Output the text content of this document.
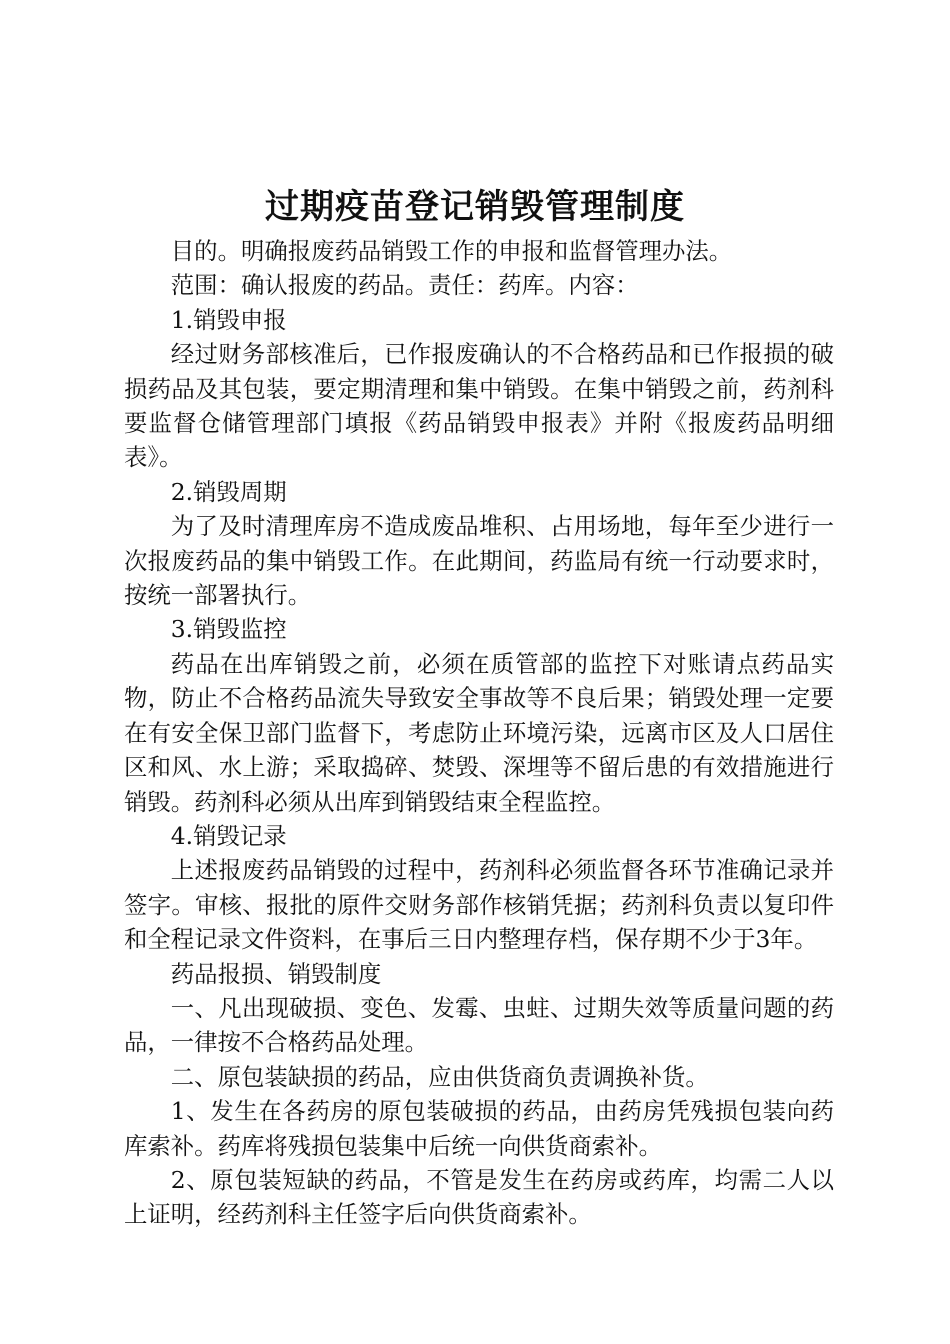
过期疫苗登记销毁管理制度

目的。明确报废药品销毁工作的申报和监督管理办法。

范围：确认报废的药品。责任：药库。内容：

1.销毁申报

经过财务部核准后，已作报废确认的不合格药品和已作报损的破损药品及其包装，要定期清理和集中销毁。在集中销毁之前，药剂科要监督仓储管理部门填报《药品销毁申报表》并附《报废药品明细表》。

2.销毁周期

为了及时清理库房不造成废品堆积、占用场地，每年至少进行一次报废药品的集中销毁工作。在此期间，药监局有统一行动要求时，按统一部署执行。

3.销毁监控

药品在出库销毁之前，必须在质管部的监控下对账请点药品实物，防止不合格药品流失导致安全事故等不良后果；销毁处理一定要在有安全保卫部门监督下，考虑防止环境污染，远离市区及人口居住区和风、水上游；采取捣碎、焚毁、深埋等不留后患的有效措施进行销毁。药剂科必须从出库到销毁结束全程监控。

4.销毁记录

上述报废药品销毁的过程中，药剂科必须监督各环节准确记录并签字。审核、报批的原件交财务部作核销凭据；药剂科负责以复印件和全程记录文件资料，在事后三日内整理存档，保存期不少于3年。

药品报损、销毁制度

一、凡出现破损、变色、发霉、虫蛀、过期失效等质量问题的药品，一律按不合格药品处理。

二、原包装缺损的药品，应由供货商负责调换补货。

1、发生在各药房的原包装破损的药品，由药房凭残损包装向药库索补。药库将残损包装集中后统一向供货商索补。

2、原包装短缺的药品，不管是发生在药房或药库，均需二人以上证明，经药剂科主任签字后向供货商索补。
